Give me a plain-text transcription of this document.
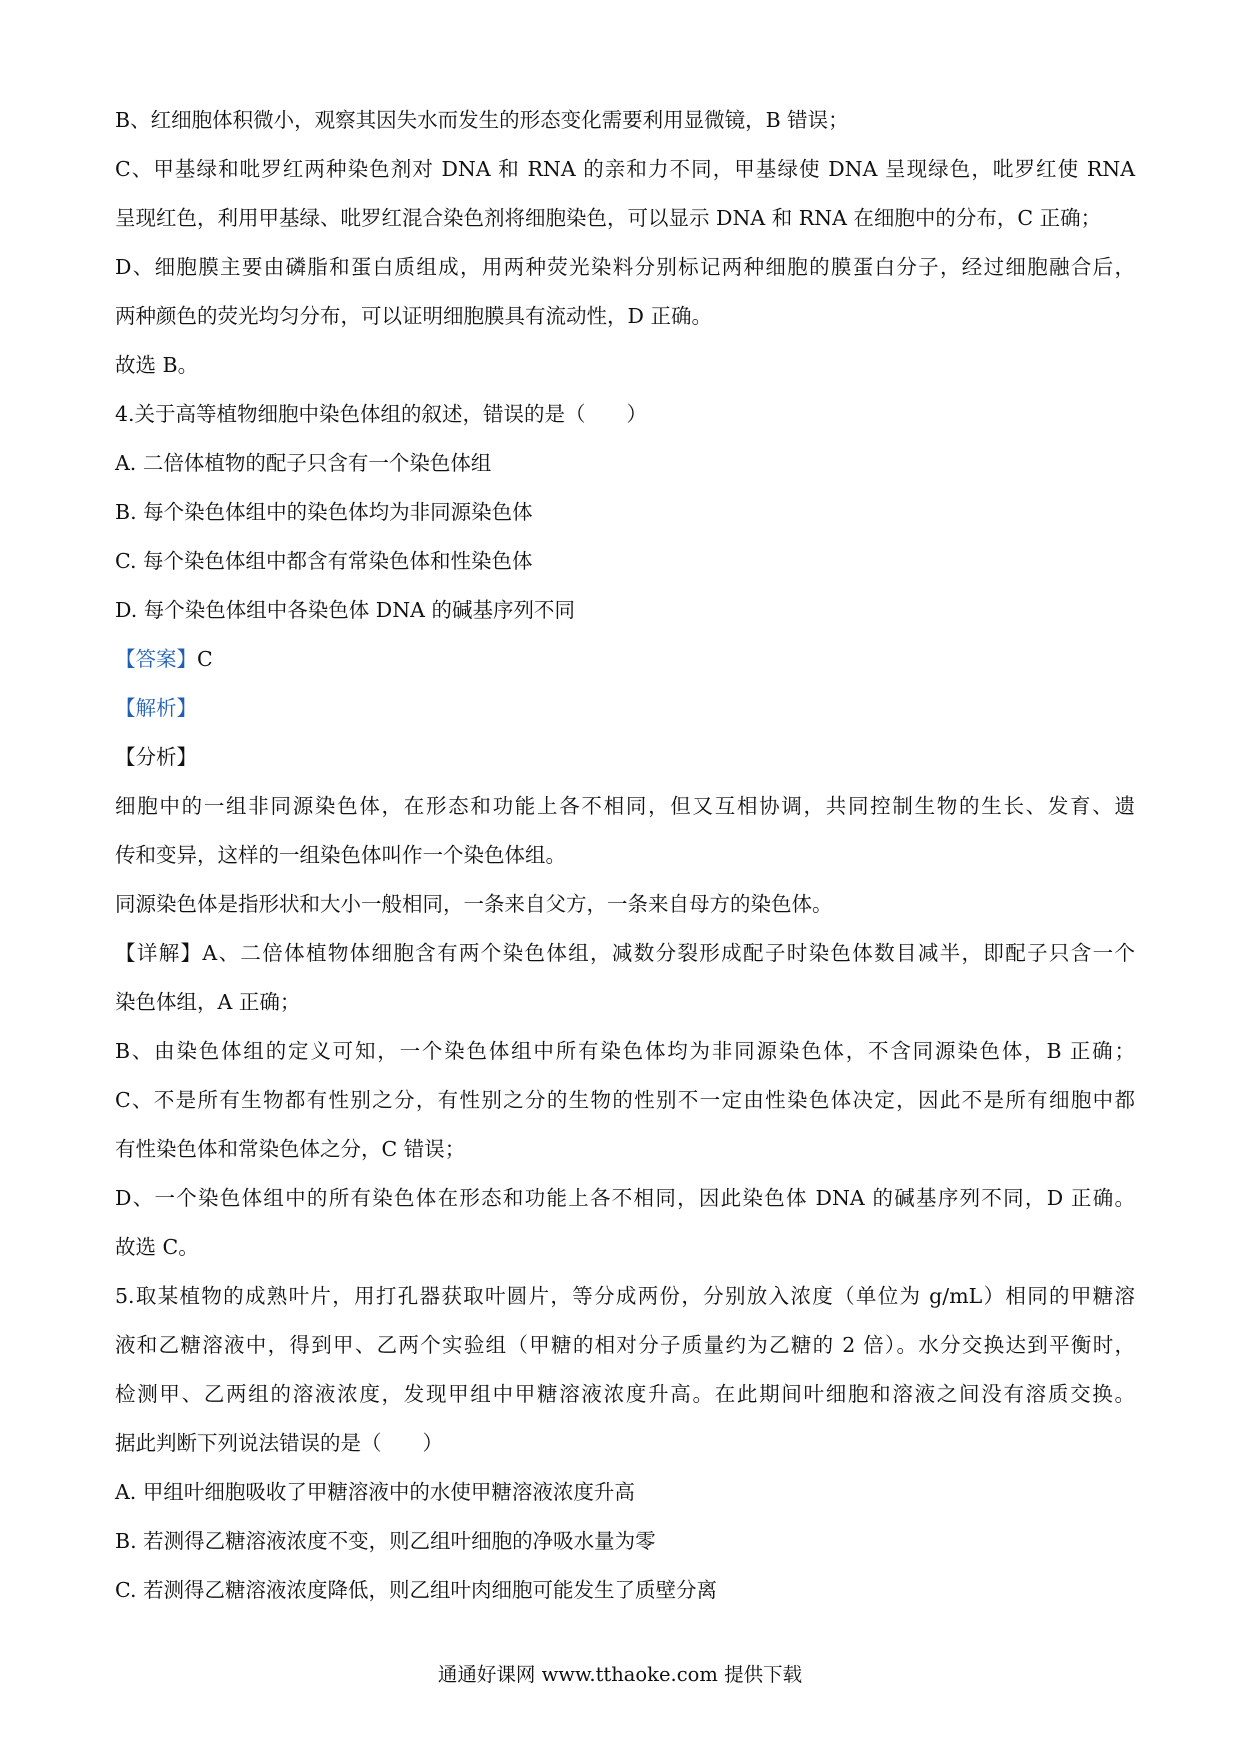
B、红细胞体积微小，观察其因失水而发生的形态变化需要利用显微镜，B 错误；
C、甲基绿和吡罗红两种染色剂对 DNA 和 RNA 的亲和力不同，甲基绿使 DNA 呈现绿色，吡罗红使 RNA
呈现红色，利用甲基绿、吡罗红混合染色剂将细胞染色，可以显示 DNA 和 RNA 在细胞中的分布，C 正确；
D、细胞膜主要由磷脂和蛋白质组成，用两种荧光染料分别标记两种细胞的膜蛋白分子，经过细胞融合后，
两种颜色的荧光均匀分布，可以证明细胞膜具有流动性，D 正确。
故选 B。
4.关于高等植物细胞中染色体组的叙述，错误的是（　　）
A. 二倍体植物的配子只含有一个染色体组
B. 每个染色体组中的染色体均为非同源染色体
C. 每个染色体组中都含有常染色体和性染色体
D. 每个染色体组中各染色体 DNA 的碱基序列不同
【答案】C
【解析】
【分析】
细胞中的一组非同源染色体，在形态和功能上各不相同，但又互相协调，共同控制生物的生长、发育、遗
传和变异，这样的一组染色体叫作一个染色体组。
同源染色体是指形状和大小一般相同，一条来自父方，一条来自母方的染色体。
【详解】A、二倍体植物体细胞含有两个染色体组，减数分裂形成配子时染色体数目减半，即配子只含一个
染色体组，A 正确；
B、由染色体组的定义可知，一个染色体组中所有染色体均为非同源染色体，不含同源染色体，B 正确；
C、不是所有生物都有性别之分，有性别之分的生物的性别不一定由性染色体决定，因此不是所有细胞中都
有性染色体和常染色体之分，C 错误；
D、一个染色体组中的所有染色体在形态和功能上各不相同，因此染色体 DNA 的碱基序列不同，D 正确。
故选 C。
5.取某植物的成熟叶片，用打孔器获取叶圆片，等分成两份，分别放入浓度（单位为 g/mL）相同的甲糖溶
液和乙糖溶液中，得到甲、乙两个实验组（甲糖的相对分子质量约为乙糖的 2 倍）。水分交换达到平衡时，
检测甲、乙两组的溶液浓度，发现甲组中甲糖溶液浓度升高。在此期间叶细胞和溶液之间没有溶质交换。
据此判断下列说法错误的是（　　）
A. 甲组叶细胞吸收了甲糖溶液中的水使甲糖溶液浓度升高
B. 若测得乙糖溶液浓度不变，则乙组叶细胞的净吸水量为零
C. 若测得乙糖溶液浓度降低，则乙组叶肉细胞可能发生了质壁分离
通通好课网 www.tthaoke.com 提供下载
